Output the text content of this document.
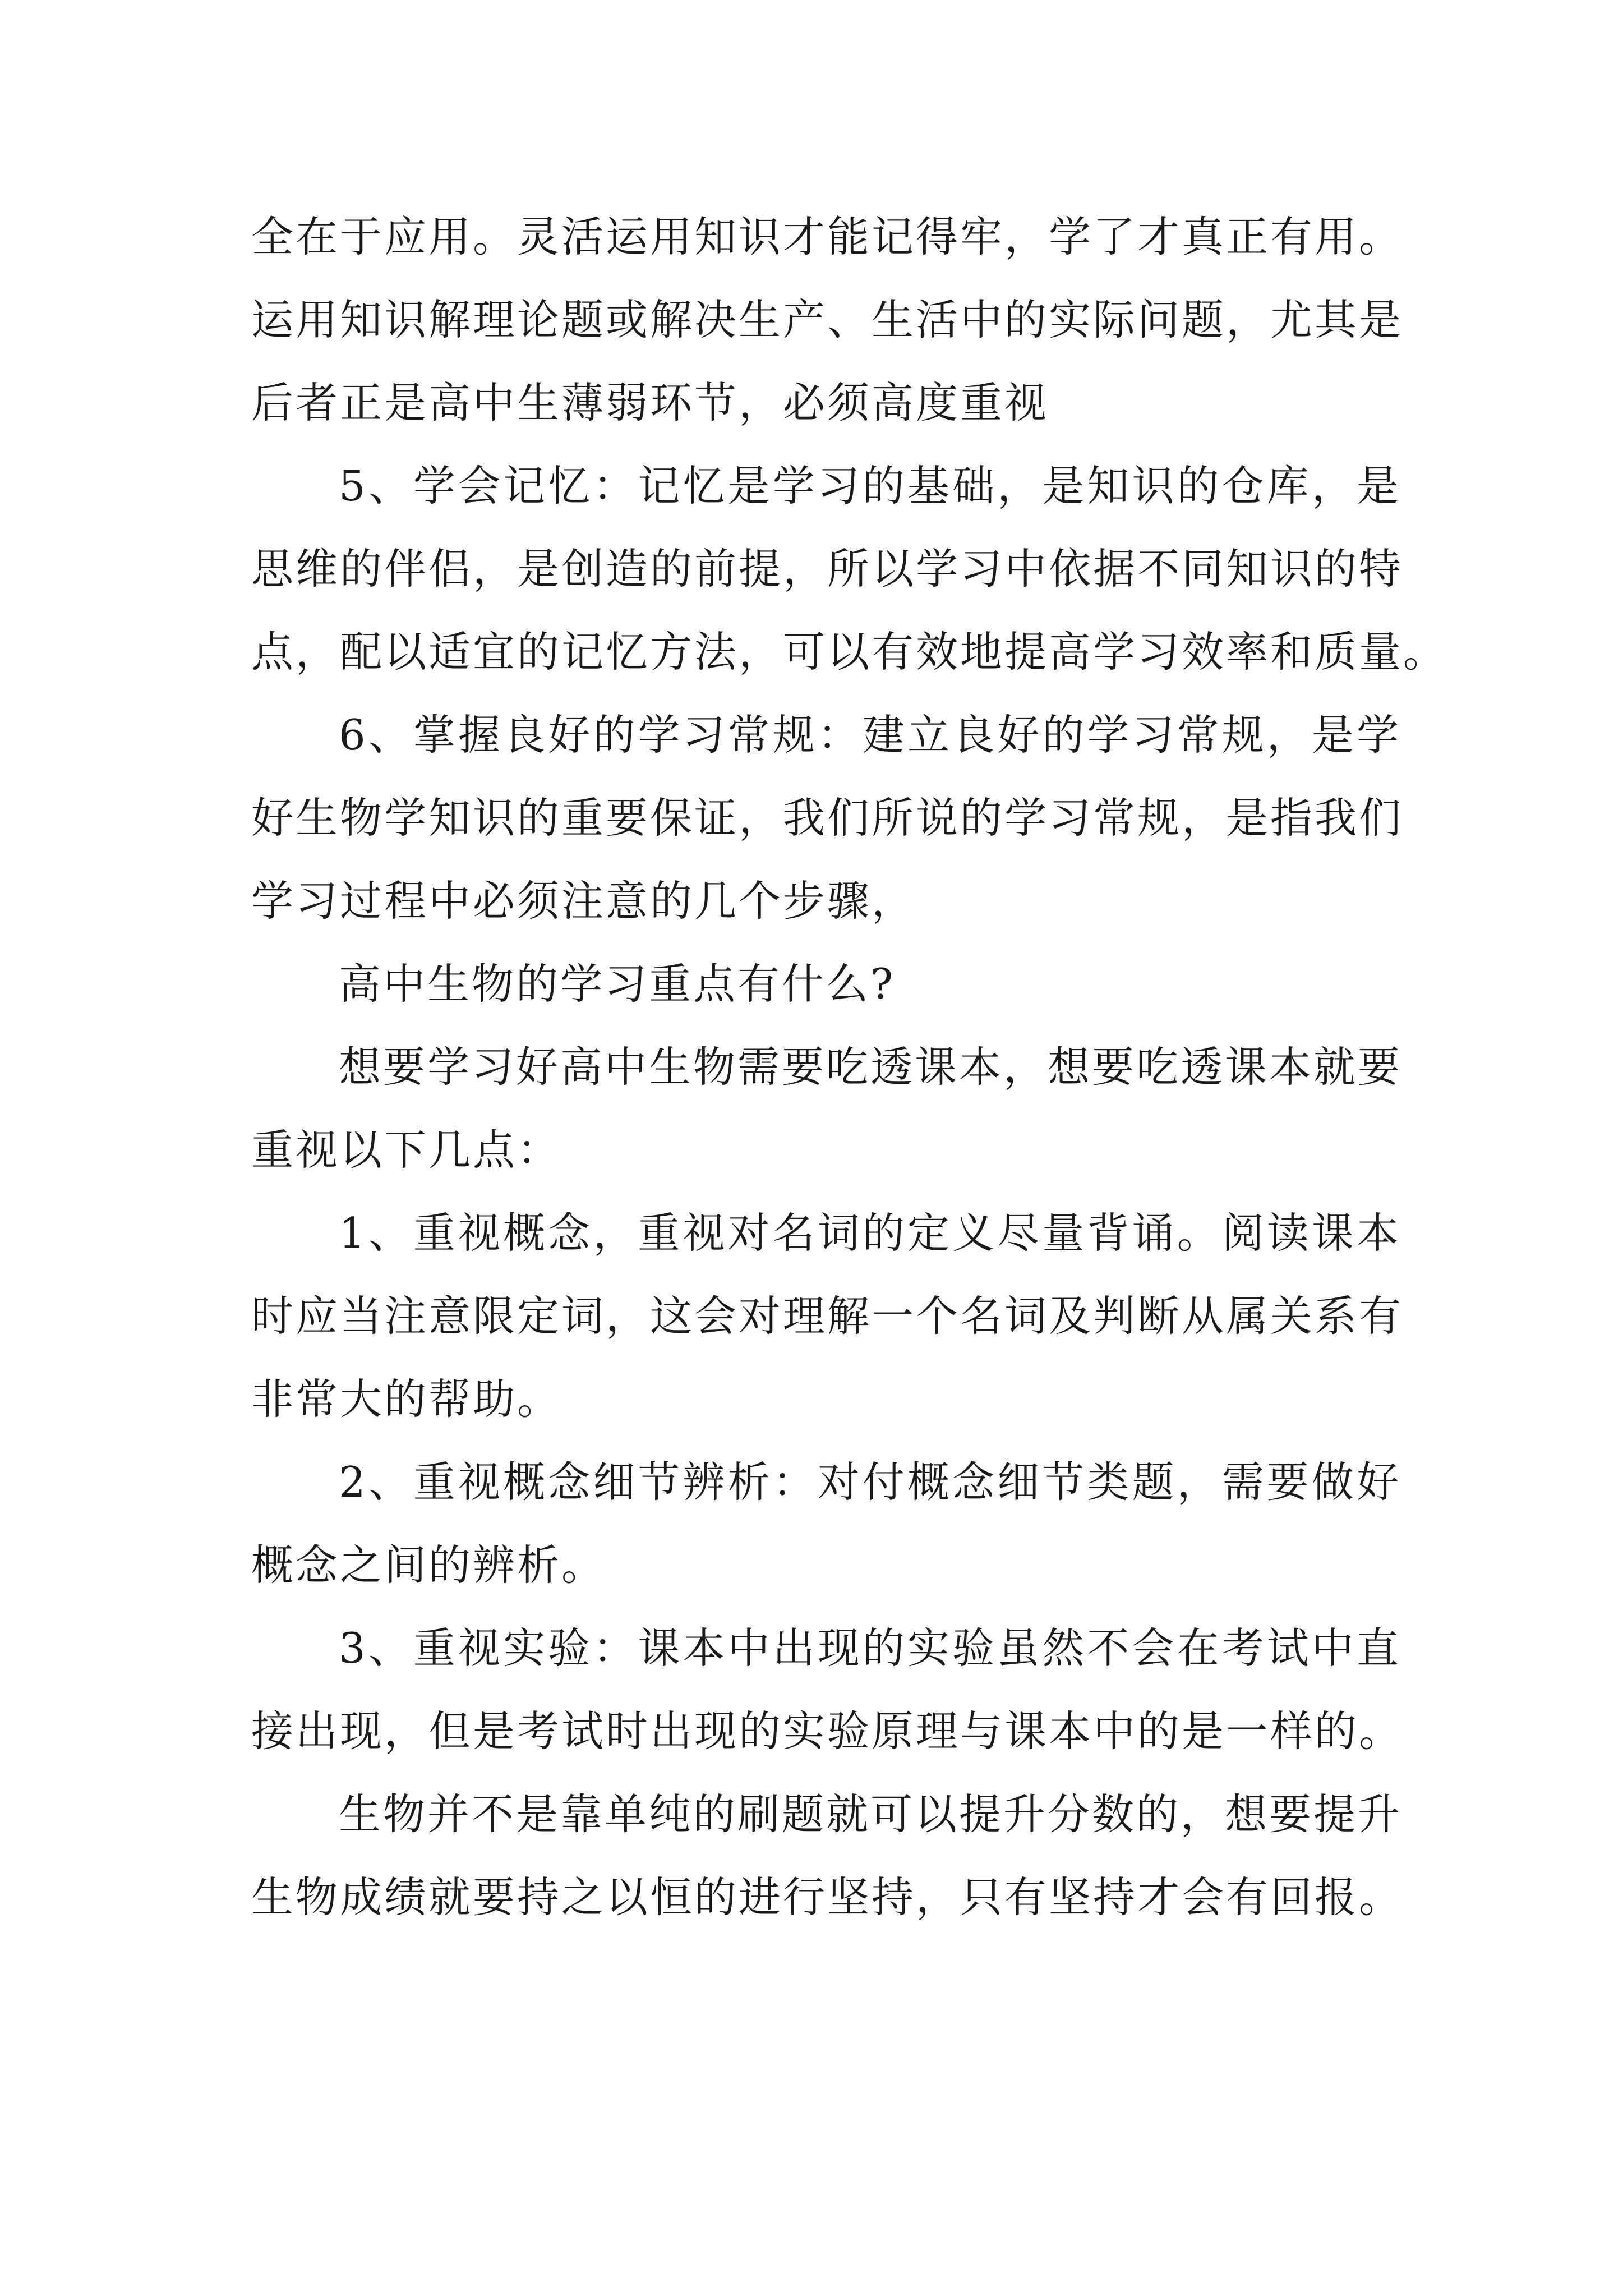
全在于应用。灵活运用知识才能记得牢，学了才真正有用。
运用知识解理论题或解决生产、生活中的实际问题，尤其是
后者正是高中生薄弱环节，必须高度重视
5、学会记忆：记忆是学习的基础，是知识的仓库，是
思维的伴侣，是创造的前提，所以学习中依据不同知识的特
点，配以适宜的记忆方法，可以有效地提高学习效率和质量。
6、掌握良好的学习常规：建立良好的学习常规，是学
好生物学知识的重要保证，我们所说的学习常规，是指我们
学习过程中必须注意的几个步骤，
高中生物的学习重点有什么?
想要学习好高中生物需要吃透课本，想要吃透课本就要
重视以下几点：
1、重视概念，重视对名词的定义尽量背诵。阅读课本
时应当注意限定词，这会对理解一个名词及判断从属关系有
非常大的帮助。
2、重视概念细节辨析：对付概念细节类题，需要做好
概念之间的辨析。
3、重视实验：课本中出现的实验虽然不会在考试中直
接出现，但是考试时出现的实验原理与课本中的是一样的。
生物并不是靠单纯的刷题就可以提升分数的，想要提升
生物成绩就要持之以恒的进行坚持，只有坚持才会有回报。
